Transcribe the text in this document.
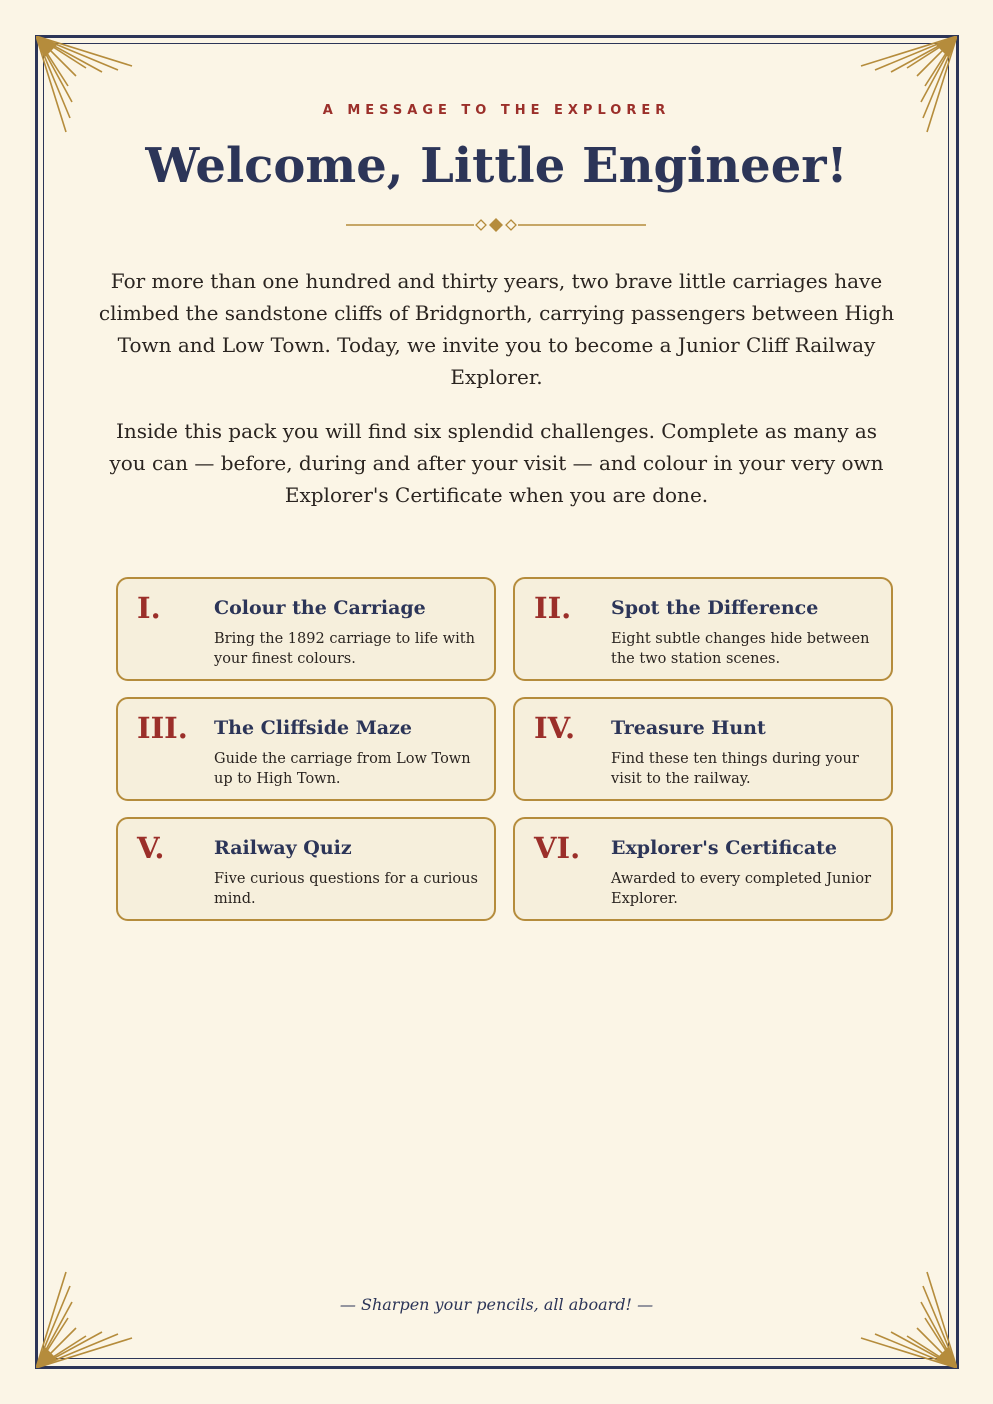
A MESSAGE TO THE EXPLORER
Welcome, Little Engineer!

For more than one hundred and thirty years, two brave little carriages have climbed the sandstone cliffs of Bridgnorth, carrying passengers between High Town and Low Town. Today, we invite you to become a Junior Cliff Railway Explorer.

Inside this pack you will find six splendid challenges. Complete as many as you can — before, during and after your visit — and colour in your very own Explorer's Certificate when you are done.

I.	Colour the Carriage
Bring the 1892 carriage to life with your finest colours.
II. Spot the Difference
Eight subtle changes hide between the two station scenes.
III. The Cliffside Maze
Guide the carriage from Low Town up to High Town.
IV. Treasure Hunt
Find these ten things during your visit to the railway.
V.	Railway Quiz
Five curious questions for a curious mind.
VI. Explorer's Certificate
Awarded to every completed Junior Explorer.
— Sharpen your pencils, all aboard! —
